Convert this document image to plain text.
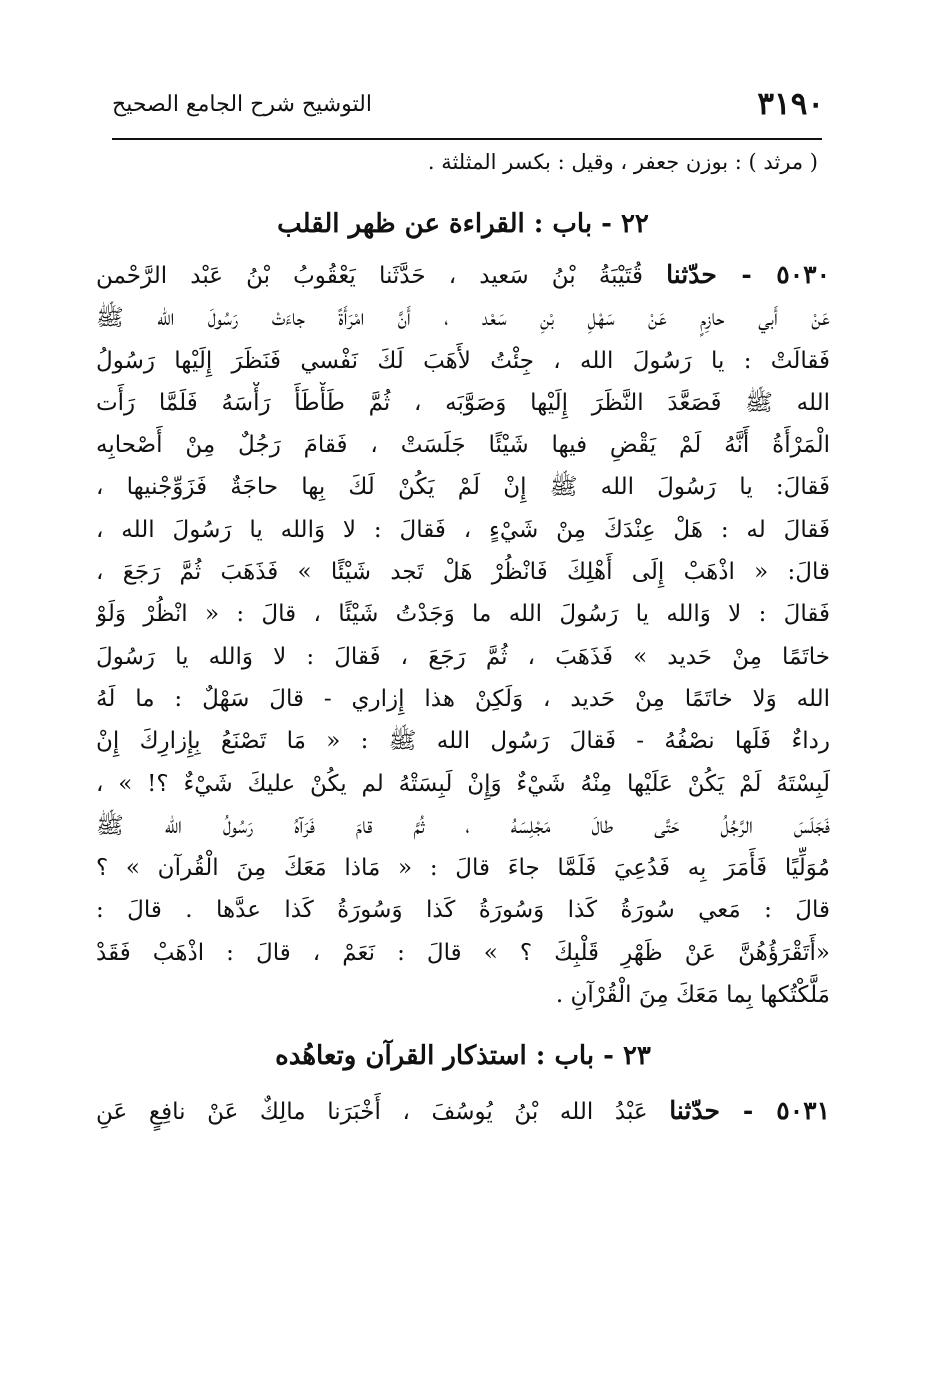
٣١٩٠
التوشيح شرح الجامع الصحيح

( مرثد ) : بوزن جعفر ، وقيل : بكسر المثلثة .

٢٢ - باب : القراءة عن ظهر القلب
٥٠٣٠ - حدّثنا قُتَيْبَةُ بْنُ سَعيد ، حَدَّثَنا يَعْقُوبُ بْنُ عَبْد الرَّحْمن
عَنْ أَبي حازِمٍ عَنْ سَهْلِ بْنِ سَعْد ، أَنَّ امْرَأَةً جاءَتْ رَسُولَ الله ﷺ
فَقالَتْ : يا رَسُولَ الله ، جِئْتُ لأَهَبَ لَكَ نَفْسي فَنَظَرَ إِلَيْها رَسُولُ
الله ﷺ فَصَعَّدَ النَّظَرَ إِلَيْها وَصَوَّبَه ، ثُمَّ طَأْطَأَ رَأْسَهُ فَلَمَّا رَأَت
الْمَرْأَةُ أَنَّهُ لَمْ يَقْضِ فيها شَيْئًا جَلَسَتْ ، فَقامَ رَجُلٌ مِنْ أَصْحابِه
فَقالَ: يا رَسُولَ الله ﷺ إِنْ لَمْ يَكُنْ لَكَ بِها حاجَةٌ فَزَوِّجْنيها ،
فَقالَ له : هَلْ عِنْدَكَ مِنْ شَيْءٍ ، فَقالَ : لا وَالله يا رَسُولَ الله ،
قالَ: « اذْهَبْ إِلَى أَهْلِكَ فَانْظُرْ هَلْ تَجد شَيْئًا » فَذَهَبَ ثُمَّ رَجَعَ ،
فَقالَ : لا وَالله يا رَسُولَ الله ما وَجَدْتُ شَيْئًا ، قالَ : « انْظُرْ وَلَوْ
خاتَمًا مِنْ حَديد » فَذَهَبَ ، ثُمَّ رَجَعَ ، فَقالَ : لا وَالله يا رَسُولَ
الله وَلا خاتَمًا مِنْ حَديد ، وَلَكِنْ هذا إِزاري - قالَ سَهْلٌ : ما لَهُ
رداءٌ فَلَها نصْفُهُ - فَقالَ رَسُول الله ﷺ : « مَا تَصْنَعُ بِإِزارِكَ إِنْ
لَبِسْتَهُ لَمْ يَكُنْ عَلَيْها مِنْهُ شَيْءٌ وَإِنْ لَبِسَتْهُ لم يكُنْ عليكَ شَيْءٌ ؟! » ،
فَجَلَسَ الرَّجُلُ حَتَّى طالَ مَجْلِسَهُ ، ثُمَّ قامَ فَرَآهُ رَسُولُ الله ﷺ
مُوَلِّيًا فَأَمَرَ بِه فَدُعِيَ فَلَمَّا جاءَ قالَ : « مَاذا مَعَكَ مِنَ الْقُرآن » ؟
قالَ : مَعي سُورَةُ كَذا وَسُورَةُ كَذا وَسُورَةُ كَذا عدَّها . قالَ :
«أَتَقْرَؤُهُنَّ عَنْ ظَهْرِ قَلْبِكَ ؟ » قالَ : نَعَمْ ، قالَ : اذْهَبْ فَقَدْ
مَلَّكْتُكها بِما مَعَكَ مِنَ الْقُرْآنِ .
٢٣ - باب : استذكار القرآن وتعاهُده
٥٠٣١ - حدّثنا عَبْدُ الله بْنُ يُوسُفَ ، أَخْبَرَنا مالِكٌ عَنْ نافِعٍ عَنِ
